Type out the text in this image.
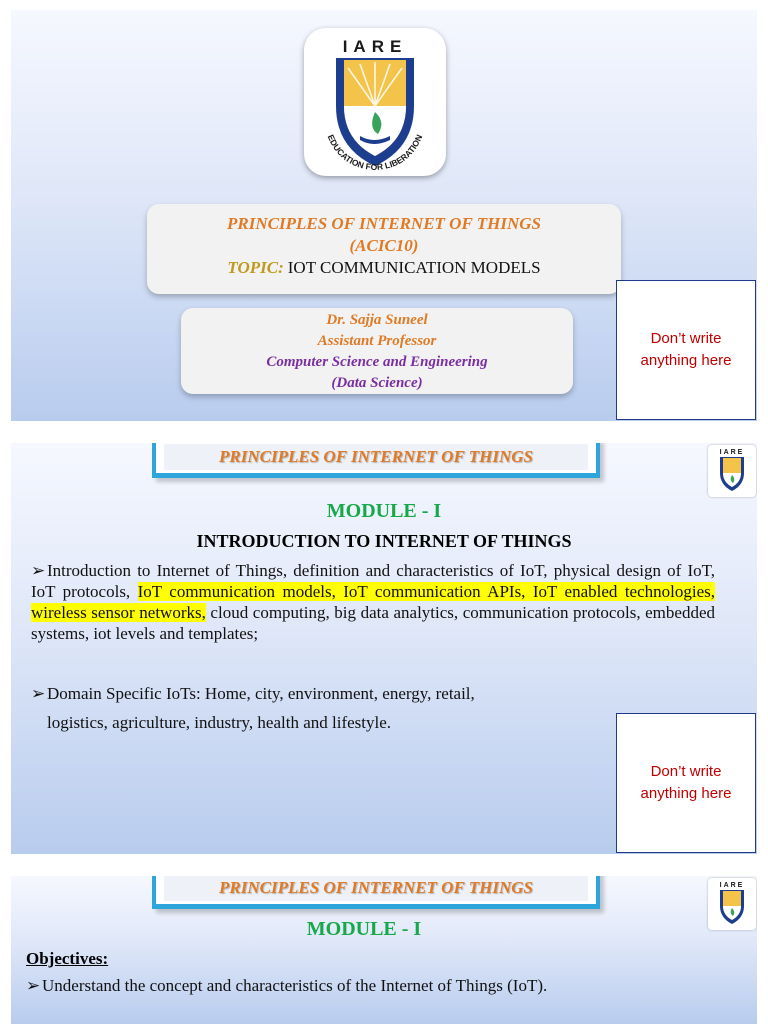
IARE
EDUCATION FOR LIBERATION
PRINCIPLES OF INTERNET OF THINGS
(ACIC10)
TOPIC: IOT COMMUNICATION MODELS
Dr. Sajja Suneel
Assistant Professor
Computer Science and Engineering
(Data Science)
Don’t write anything here
PRINCIPLES OF INTERNET OF THINGS	IARE
MODULE - I
INTRODUCTION TO INTERNET OF THINGS
➢ Introduction to Internet of Things, definition and characteristics of IoT, physical design of IoT, IoT protocols, IoT communication models, IoT communication APIs, IoT enabled technologies, wireless sensor networks, cloud computing, big data analytics, communication protocols, embedded systems, iot levels and templates;
➢ Domain Specific IoTs: Home, city, environment, energy, retail,
logistics, agriculture, industry, health and lifestyle.
Don’t write anything here
PRINCIPLES OF INTERNET OF THINGS	IARE
MODULE - I
Objectives:
➢ Understand the concept and characteristics of the Internet of Things (IoT).
